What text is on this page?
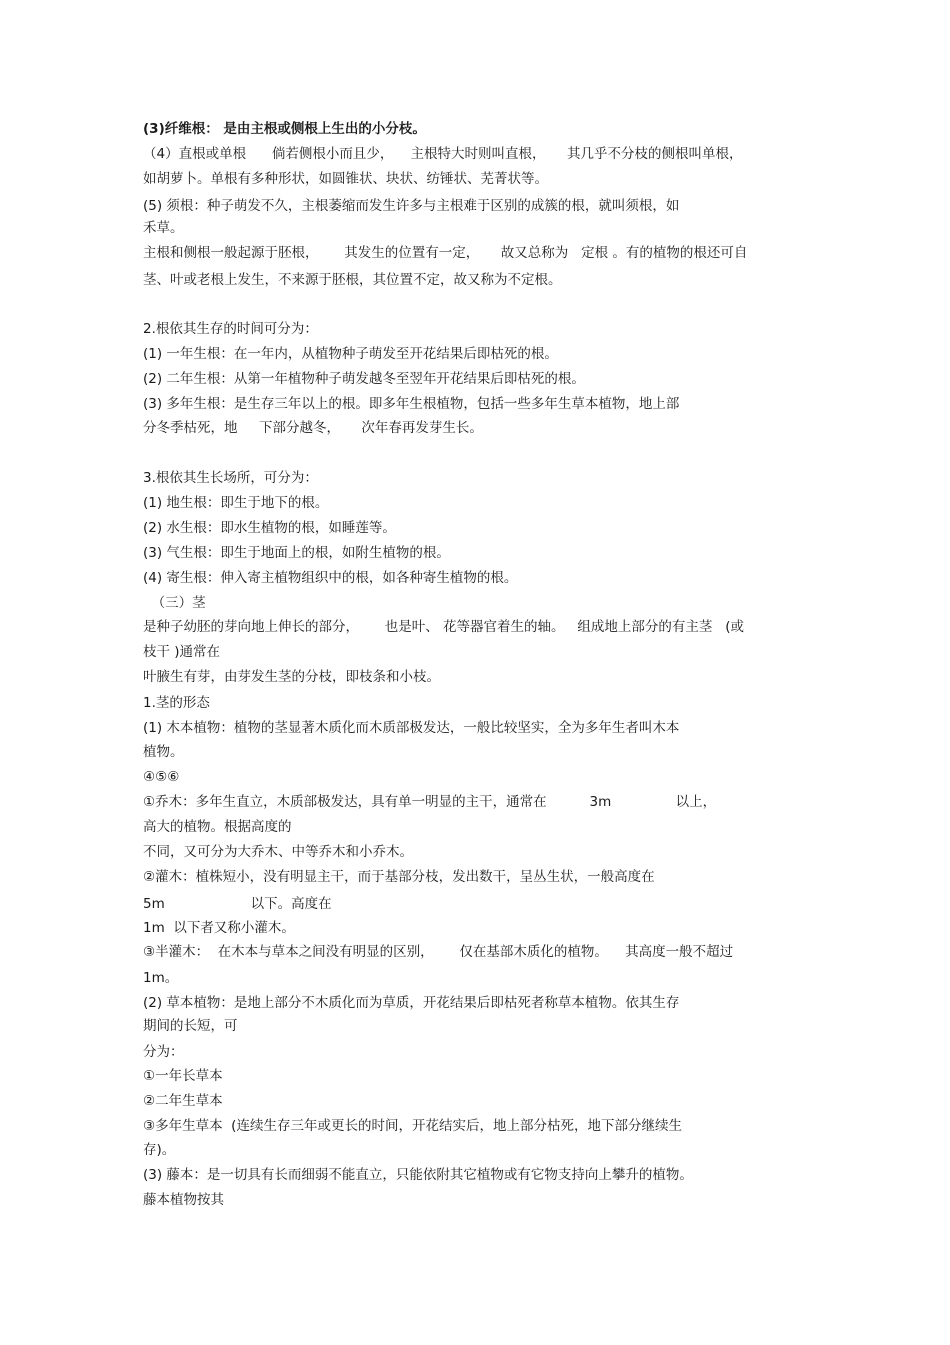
(3)纤维根： 是由主根或侧根上生出的小分枝。
（4）直根或单根      倘若侧根小而且少，    主根特大时则叫直根，     其几乎不分枝的侧根叫单根，
如胡萝卜。单根有多种形状，如圆锥状、块状、纺锤状、芜菁状等。
(5) 须根：种子萌发不久，主根萎缩而发生许多与主根难于区别的成簇的根，就叫须根，如
禾草。
主根和侧根一般起源于胚根，      其发生的位置有一定，     故又总称为   定根 。有的植物的根还可自
茎、叶或老根上发生，不来源于胚根，其位置不定，故又称为不定根。
2.根依其生存的时间可分为：
(1) 一年生根：在一年内，从植物种子萌发至开花结果后即枯死的根。
(2) 二年生根：从第一年植物种子萌发越冬至翌年开花结果后即枯死的根。
(3) 多年生根：是生存三年以上的根。即多年生根植物，包括一些多年生草本植物，地上部
分冬季枯死，地     下部分越冬，     次年春再发芽生长。
3.根依其生长场所，可分为：
(1) 地生根：即生于地下的根。
(2) 水生根：即水生植物的根，如睡莲等。
(3) 气生根：即生于地面上的根，如附生植物的根。
(4) 寄生根：伸入寄主植物组织中的根，如各种寄生植物的根。
（三）茎
是种子幼胚的芽向地上伸长的部分，      也是叶、 花等器官着生的轴。   组成地上部分的有主茎   (或
枝干 )通常在
叶腋生有芽，由芽发生茎的分枝，即枝条和小枝。
1.茎的形态
(1) 木本植物：植物的茎显著木质化而木质部极发达，一般比较坚实，全为多年生者叫木本
植物。
④⑤⑥
①乔木：多年生直立，木质部极发达，具有单一明显的主干，通常在          3m               以上，
高大的植物。根据高度的
不同，又可分为大乔木、中等乔木和小乔木。
②灌木：植株短小，没有明显主干，而于基部分枝，发出数干，呈丛生状，一般高度在
5m                    以下。高度在
1m  以下者又称小灌木。
③半灌木：  在木本与草本之间没有明显的区别，      仅在基部木质化的植物。    其高度一般不超过
1m。
(2) 草本植物：是地上部分不木质化而为草质，开花结果后即枯死者称草本植物。依其生存
期间的长短，可
分为：
①一年长草本
②二年生草本
③多年生草本  (连续生存三年或更长的时间，开花结实后，地上部分枯死，地下部分继续生
存)。
(3) 藤本：是一切具有长而细弱不能直立，只能依附其它植物或有它物支持向上攀升的植物。
藤本植物按其
